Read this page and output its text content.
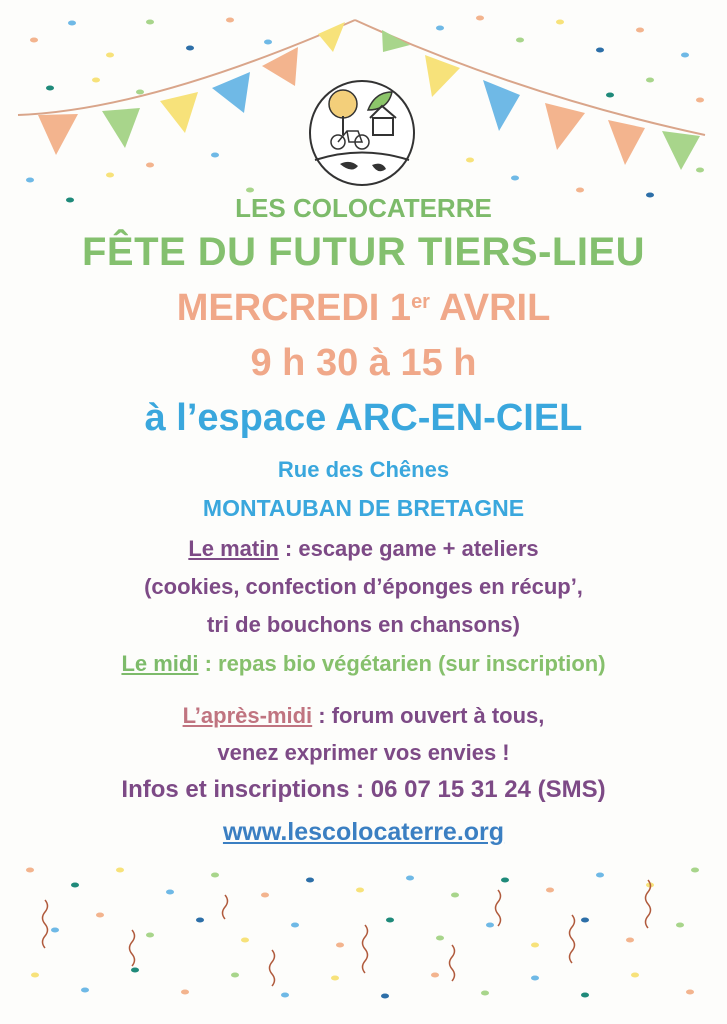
LES COLOCATERRE
FÊTE DU FUTUR TIERS-LIEU
MERCREDI 1er AVRIL
9 h 30 à 15 h
à l’espace ARC-EN-CIEL
Rue des Chênes
MONTAUBAN DE BRETAGNE
Le matin : escape game + ateliers
(cookies, confection d’éponges en récup’,
tri de bouchons en chansons)
Le midi : repas bio végétarien (sur inscription)
L’après-midi : forum ouvert à tous,
venez exprimer vos envies !
Infos et inscriptions : 06 07 15 31 24 (SMS)
www.lescolocaterre.org
